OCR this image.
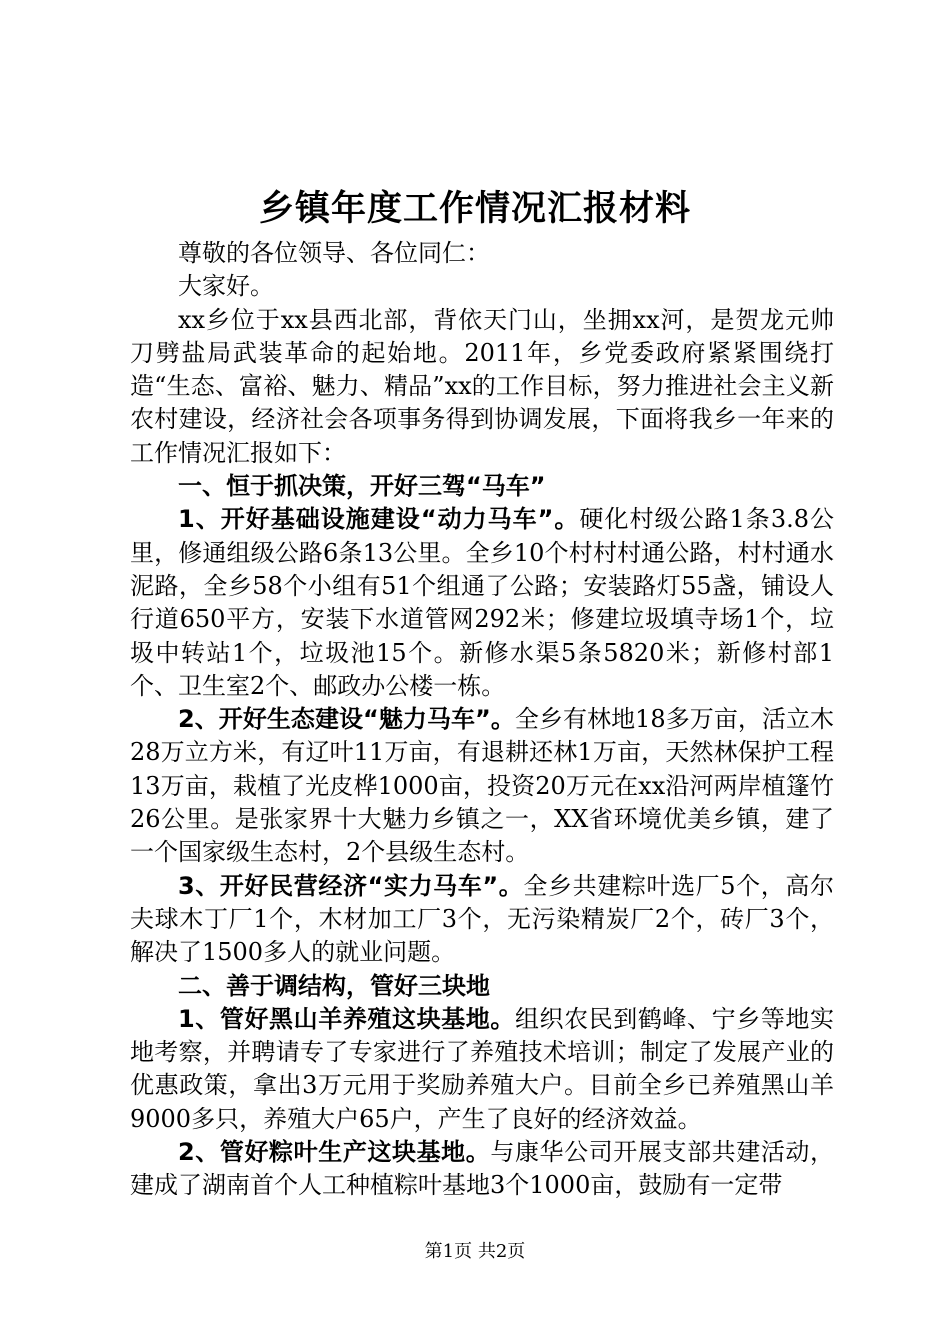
乡镇年度工作情况汇报材料

尊敬的各位领导、各位同仁：

大家好。

xx乡位于xx县西北部，背依天门山，坐拥xx河，是贺龙元帅刀劈盐局武装革命的起始地。2011年，乡党委政府紧紧围绕打造“生态、富裕、魅力、精品”xx的工作目标，努力推进社会主义新农村建设，经济社会各项事务得到协调发展，下面将我乡一年来的工作情况汇报如下：

一、恒于抓决策，开好三驾“马车”

1、开好基础设施建设“动力马车”。硬化村级公路1条3.8公里，修通组级公路6条13公里。全乡10个村村村通公路，村村通水泥路，全乡58个小组有51个组通了公路；安装路灯55盏，铺设人行道650平方，安装下水道管网292米；修建垃圾填寺场1个，垃圾中转站1个，垃圾池15个。新修水渠5条5820米；新修村部1个、卫生室2个、邮政办公楼一栋。

2、开好生态建设“魅力马车”。全乡有林地18多万亩，活立木28万立方米，有辽叶11万亩，有退耕还林1万亩，天然林保护工程13万亩，栽植了光皮桦1000亩，投资20万元在xx沿河两岸植篷竹26公里。是张家界十大魅力乡镇之一，XX省环境优美乡镇，建了一个国家级生态村，2个县级生态村。

3、开好民营经济“实力马车”。全乡共建粽叶选厂5个，高尔夫球木丁厂1个，木材加工厂3个，无污染精炭厂2个，砖厂3个，解决了1500多人的就业问题。

二、善于调结构，管好三块地

1、管好黑山羊养殖这块基地。组织农民到鹤峰、宁乡等地实地考察，并聘请专了专家进行了养殖技术培训；制定了发展产业的优惠政策，拿出3万元用于奖励养殖大户。目前全乡已养殖黑山羊9000多只，养殖大户65户，产生了良好的经济效益。

2、管好粽叶生产这块基地。与康华公司开展支部共建活动，建成了湖南首个人工种植粽叶基地3个1000亩，鼓励有一定带

第1页 共2页
